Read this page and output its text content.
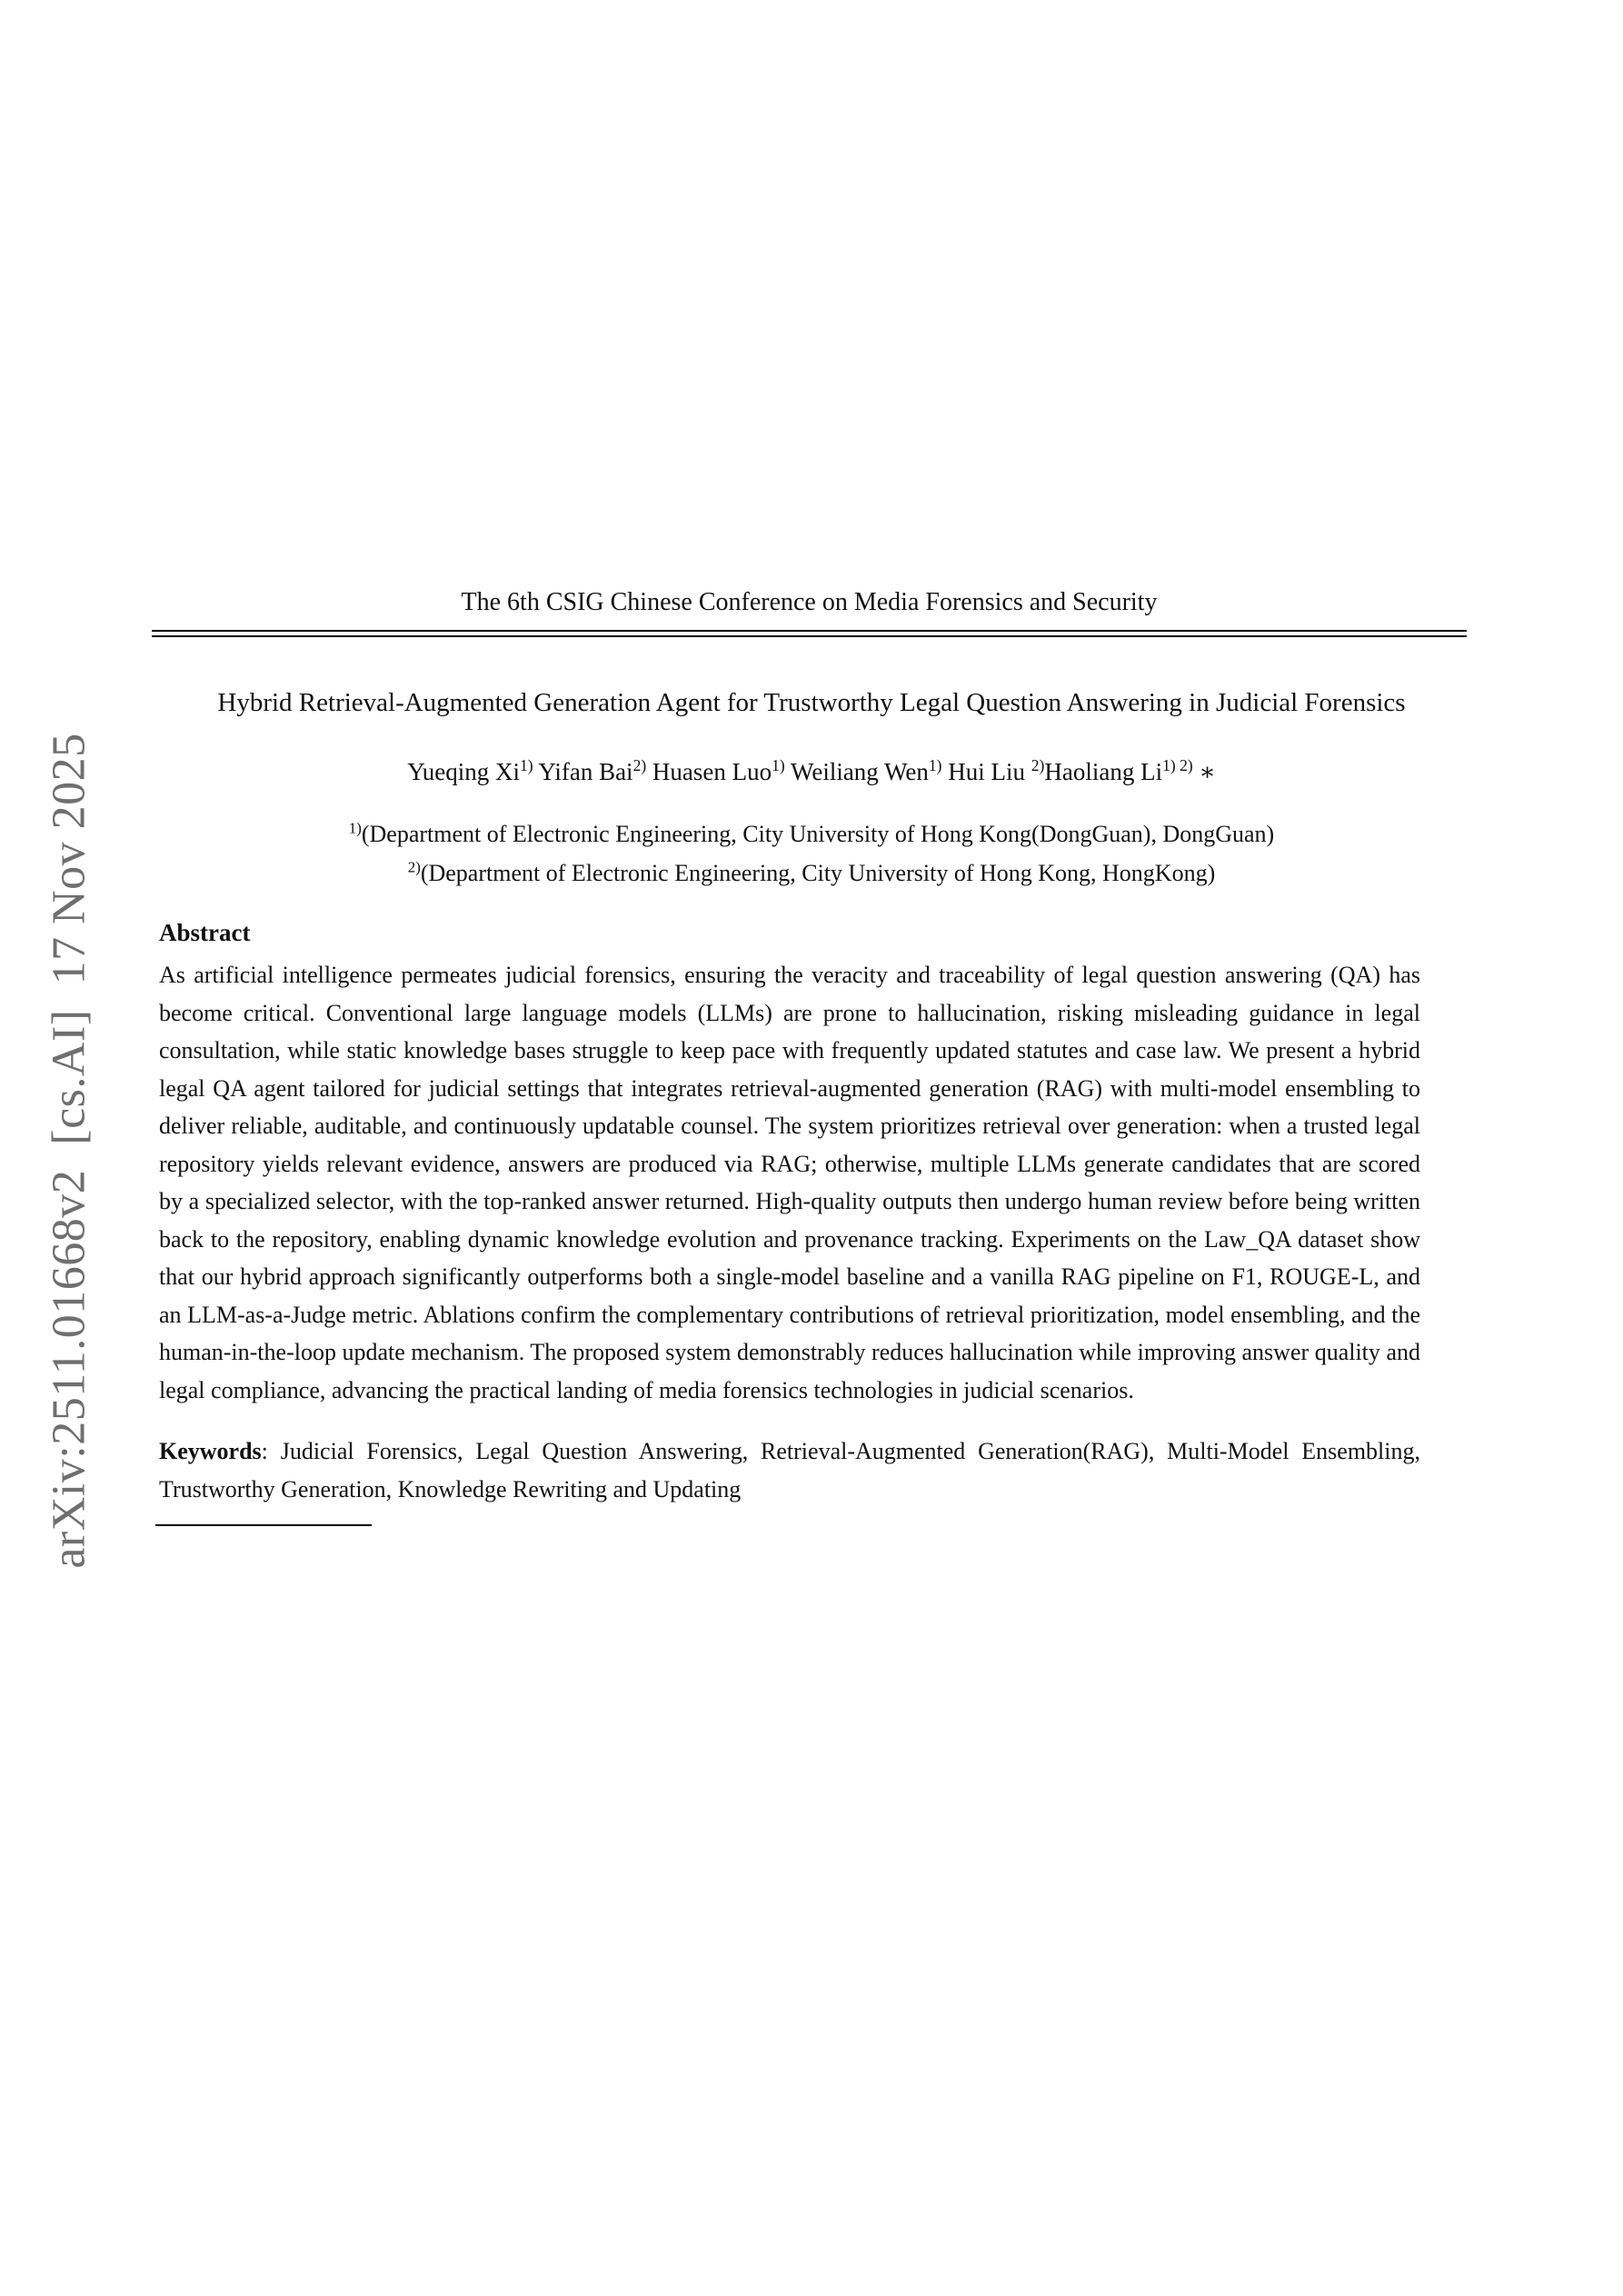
arXiv:2511.01668v2  [cs.AI]  17 Nov 2025
The 6th CSIG Chinese Conference on Media Forensics and Security
Hybrid Retrieval-Augmented Generation Agent for Trustworthy Legal Question Answering in Judicial Forensics
Yueqing Xi$^{1)}$ Yifan Bai$^{2)}$ Huasen Luo$^{1)}$ Weiliang Wen$^{1)}$ Hui Liu $^{2)}$Haoliang $Li^{1) 2)}$ ∗
$^{1)}$(Department of Electronic Engineering, City University of Hong Kong(DongGuan), DongGuan)
$^{2)}$(Department of Electronic Engineering, City University of Hong Kong, HongKong)
Abstract
As artificial intelligence permeates judicial forensics, ensuring the veracity and traceability of legal question answering (QA) has become critical. Conventional large language models (LLMs) are prone to hallucination, risking misleading guidance in legal consultation, while static knowledge bases struggle to keep pace with frequently updated statutes and case law. We present a hybrid legal QA agent tailored for judicial settings that integrates retrieval-augmented generation (RAG) with multi-model ensembling to deliver reliable, auditable, and continuously updatable counsel. The system prioritizes retrieval over generation: when a trusted legal repository yields relevant evidence, answers are produced via RAG; otherwise, multiple LLMs generate candidates that are scored by a specialized selector, with the top-ranked answer returned. High-quality outputs then undergo human review before being written back to the repository, enabling dynamic knowledge evolution and provenance tracking. Experiments on the Law_QA dataset show that our hybrid approach significantly outperforms both a single-model baseline and a vanilla RAG pipeline on F1, ROUGE-L, and an LLM-as-a-Judge metric. Ablations confirm the complementary contributions of retrieval prioritization, model ensembling, and the human-in-the-loop update mechanism. The proposed system demonstrably reduces hallucination while improving answer quality and legal compliance, advancing the practical landing of media forensics technologies in judicial scenarios.

Keywords: Judicial Forensics, Legal Question Answering, Retrieval-Augmented Generation(RAG), Multi-Model Ensembling, Trustworthy Generation, Knowledge Rewriting and Updating
